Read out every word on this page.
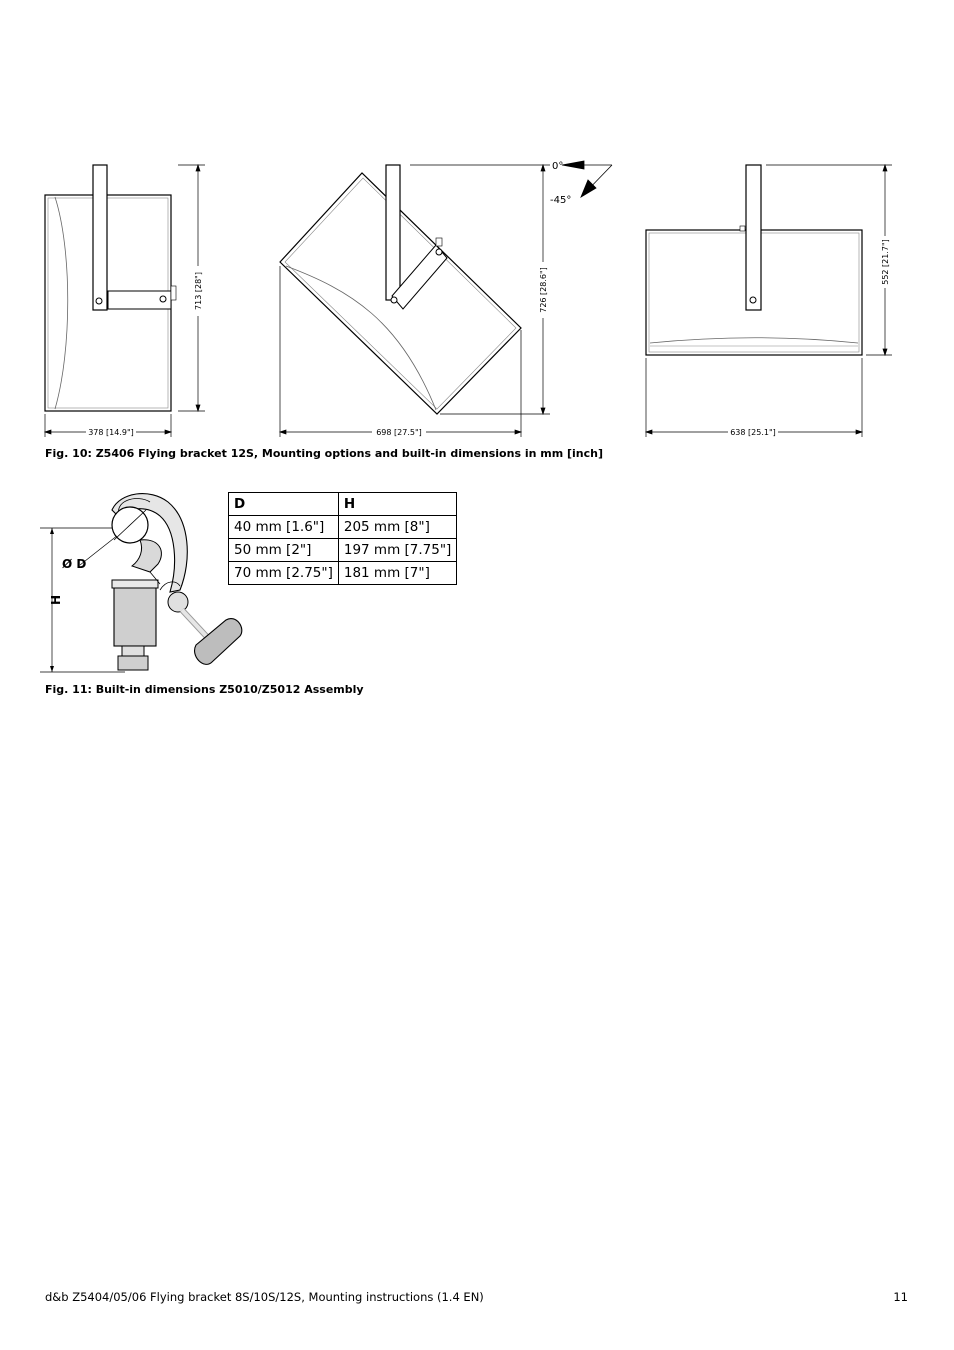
378 [14.9"]
713 [28"]
698 [27.5"]
726 [28.6"]
0°
-45°
638 [25.1"]
552 [21.7"]
Fig. 10: Z5406 Flying bracket 12S, Mounting options and built-in dimensions in mm [inch]
Ø D
H
D	H
40 mm [1.6"]	205 mm [8"]
50 mm [2"]	197 mm [7.75"]
70 mm [2.75"]	181 mm [7"]
Fig. 11: Built-in dimensions Z5010/Z5012 Assembly
d&b Z5404/05/06 Flying bracket 8S/10S/12S, Mounting instructions (1.4 EN)	11
